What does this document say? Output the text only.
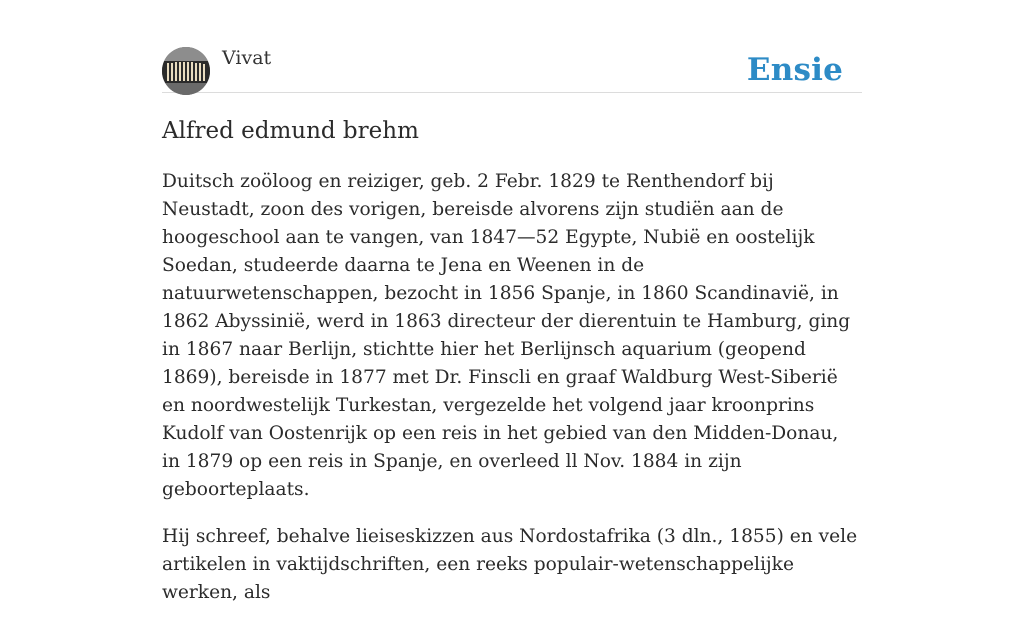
Vivat	Ensie
Alfred edmund brehm

Duitsch zoöloog en reiziger, geb. 2 Febr. 1829 te Renthendorf bij Neustadt, zoon des vorigen, bereisde alvorens zijn studiën aan de hoogeschool aan te vangen, van 1847—52 Egypte, Nubië en oostelijk Soedan, studeerde daarna te Jena en Weenen in de natuurwetenschappen, bezocht in 1856 Spanje, in 1860 Scandinavië, in 1862 Abyssinië, werd in 1863 directeur der dierentuin te Hamburg, ging in 1867 naar Berlijn, stichtte hier het Berlijnsch aquarium (geopend 1869), bereisde in 1877 met Dr. Finscli en graaf Waldburg West-Siberië en noordwestelijk Turkestan, vergezelde het volgend jaar kroonprins Kudolf van Oostenrijk op een reis in het gebied van den Midden-Donau, in 1879 op een reis in Spanje, en overleed ll Nov. 1884 in zijn geboorteplaats.

Hij schreef, behalve lieiseskizzen aus Nordostafrika (3 dln., 1855) en vele artikelen in vaktijdschriften, een reeks populair-wetenschappelijke werken, als
